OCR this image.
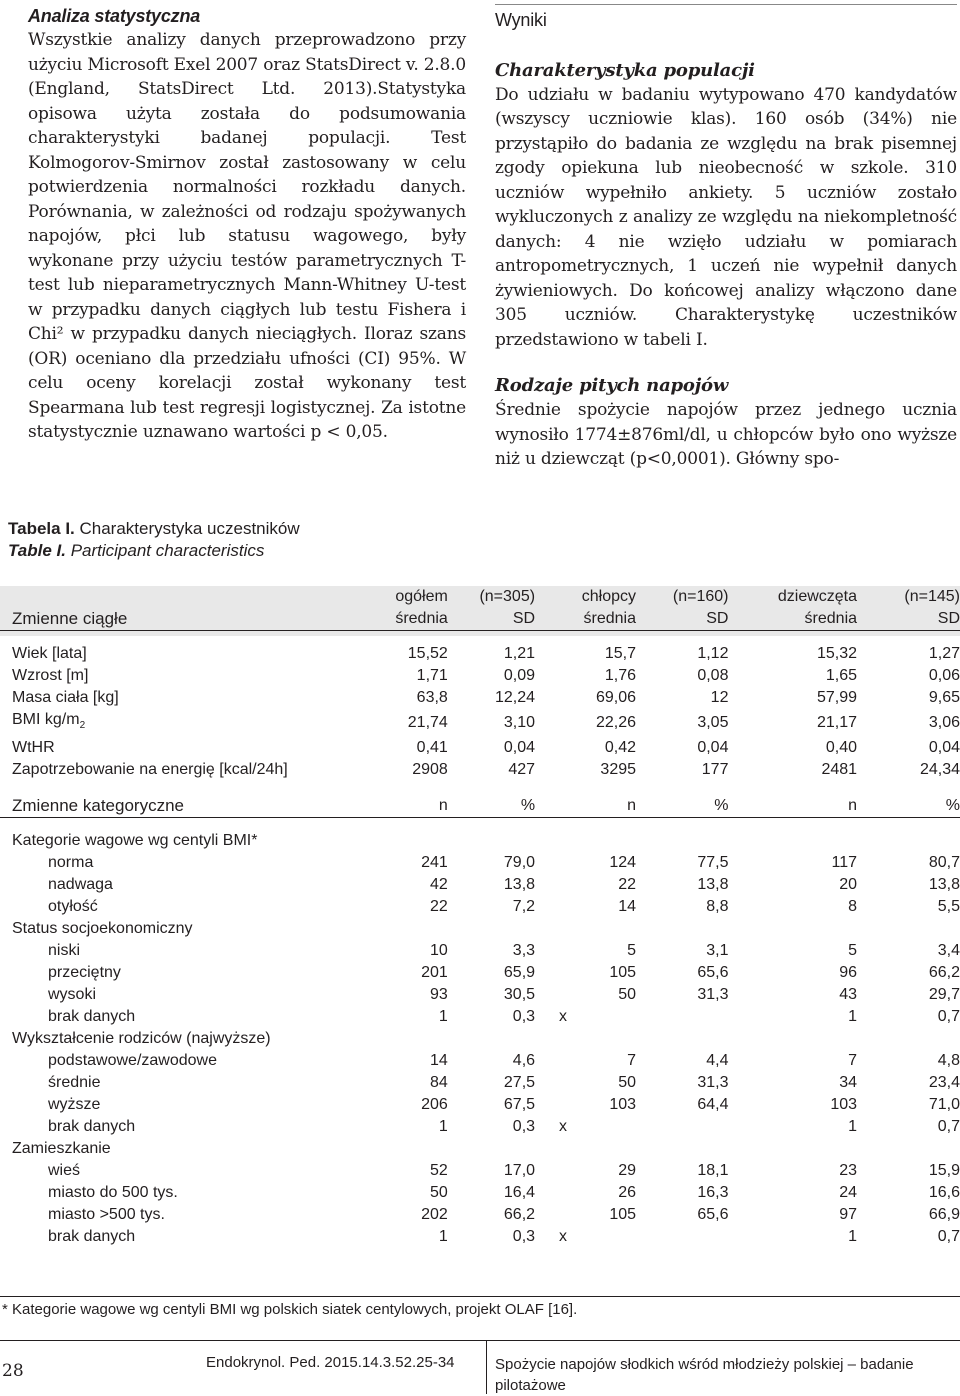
Analiza statystyczna

Wszystkie analizy danych przeprowadzono przy użyciu Microsoft Exel 2007 oraz StatsDirect v. 2.8.0 (England, StatsDirect Ltd. 2013).Statystyka opisowa użyta została do podsumowania charakterystyki badanej populacji. Test Kolmogorov-Smirnov został zastosowany w celu potwierdzenia normalności rozkładu danych. Porównania, w zależności od rodzaju spożywanych napojów, płci lub statusu wagowego, były wykonane przy użyciu testów parametrycznych T-test lub nieparametrycznych Mann-Whitney U-test w przypadku danych ciągłych lub testu Fishera i Chi² w przypadku danych nieciągłych. Iloraz szans (OR) oceniano dla przedziału ufności (CI) 95%. W celu oceny korelacji został wykonany test Spearmana lub test regresji logistycznej. Za istotne statystycznie uznawano wartości p < 0,05.

Wyniki

Charakterystyka populacji

Do udziału w badaniu wytypowano 470 kandydatów (wszyscy uczniowie klas). 160 osób (34%) nie przystąpiło do badania ze względu na brak pisemnej zgody opiekuna lub nieobecność w szkole. 310 uczniów wypełniło ankiety. 5 uczniów zostało wykluczonych z analizy ze względu na niekompletność danych: 4 nie wzięło udziału w pomiarach antropometrycznych, 1 uczeń nie wypełnił danych żywieniowych. Do końcowej analizy włączono dane 305 uczniów. Charakterystykę uczestników przedstawiono w tabeli I.

Rodzaje pitych napojów

Średnie spożycie napojów przez jednego ucznia wynosiło 1774±876ml/dl, u chłopców było ono wyższe niż u dziewcząt (p<0,0001). Główny spo-

Tabela I. Charakterystyka uczestników
Table I. Participant characteristics
	ogółem	(n=305)	chłopcy	(n=160)	dziewczęta	(n=145)
Zmienne ciągłe	średnia	SD	średnia	SD	średnia	SD

Wiek [lata]	15,52	1,21	15,7	1,12	15,32	1,27
Wzrost [m]	1,71	0,09	1,76	0,08	1,65	0,06
Masa ciała [kg]	63,8	12,24	69,06	12	57,99	9,65
BMI $kg/m_2$	21,74	3,10	22,26	3,05	21,17	3,06
WtHR	0,41	0,04	0,42	0,04	0,40	0,04
Zapotrzebowanie na energię [kcal/24h]	2908	427	3295	177	2481	24,34

Zmienne kategoryczne	n	%	n	%	n	%

Kategorie wagowe wg centyli BMI*						
norma	241	79,0	124	77,5	117	80,7
nadwaga	42	13,8	22	13,8	20	13,8
otyłość	22	7,2	14	8,8	8	5,5
Status socjoekonomiczny						
niski	10	3,3	5	3,1	5	3,4
przeciętny	201	65,9	105	65,6	96	66,2
wysoki	93	30,5	50	31,3	43	29,7
brak danych	1	0,3	x		1	0,7
Wykształcenie rodziców (najwyższe)						
podstawowe/zawodowe	14	4,6	7	4,4	7	4,8
średnie	84	27,5	50	31,3	34	23,4
wyższe	206	67,5	103	64,4	103	71,0
brak danych	1	0,3	x		1	0,7
Zamieszkanie						
wieś	52	17,0	29	18,1	23	15,9
miasto do 500 tys.	50	16,4	26	16,3	24	16,6
miasto >500 tys.	202	66,2	105	65,6	97	66,9
brak danych	1	0,3	x		1	0,7
* Kategorie wagowe wg centyli BMI wg polskich siatek centylowych, projekt OLAF [16].
28	Endokrynol. Ped. 2015.14.3.52.25-34	Spożycie napojów słodkich wśród młodzieży polskiej – badanie pilotażowe
